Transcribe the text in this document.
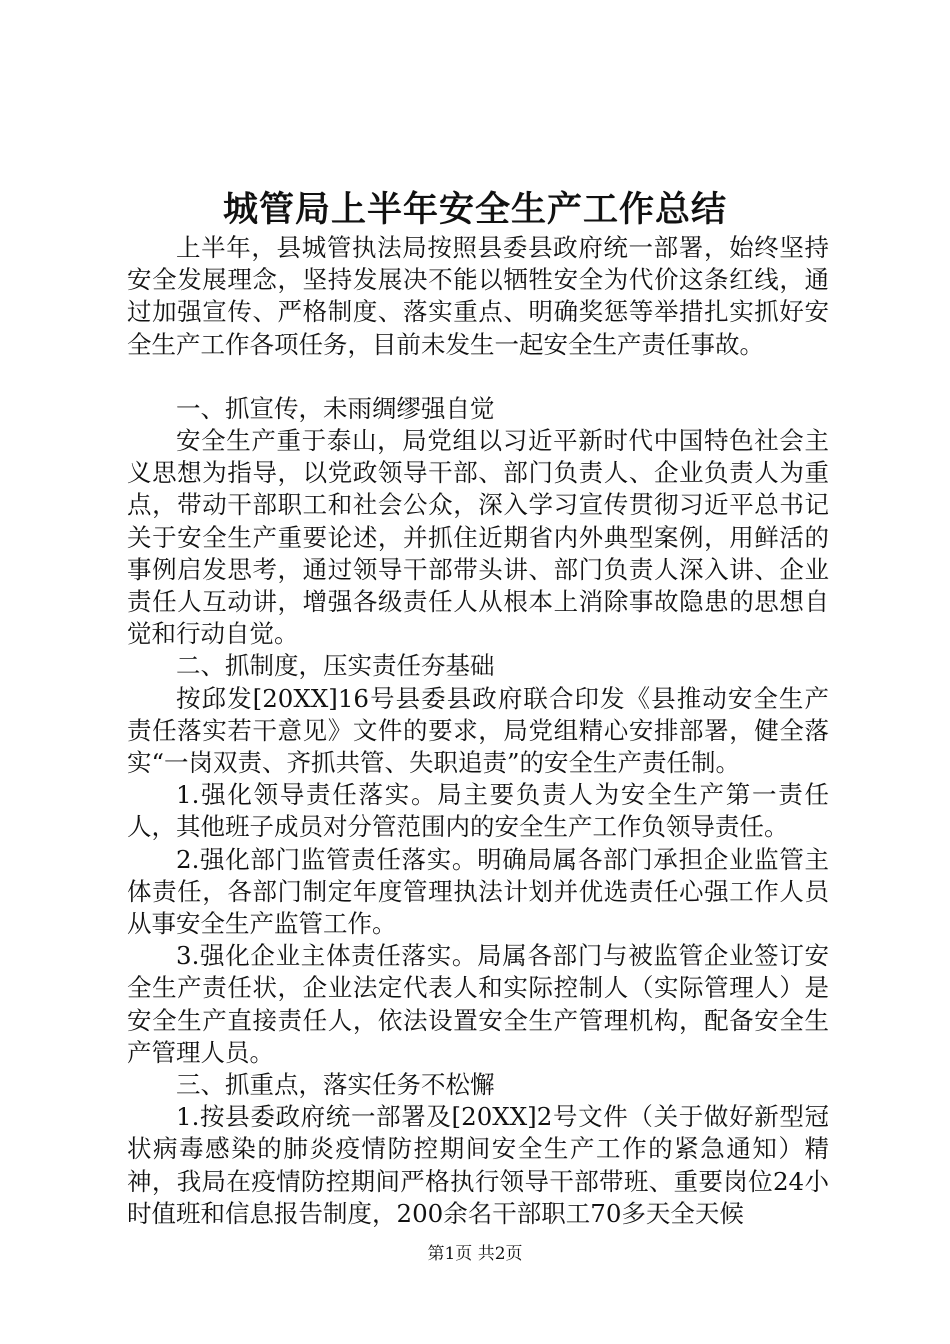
城管局上半年安全生产工作总结

上半年，县城管执法局按照县委县政府统一部署，始终坚持安全发展理念，坚持发展决不能以牺牲安全为代价这条红线，通过加强宣传、严格制度、落实重点、明确奖惩等举措扎实抓好安全生产工作各项任务，目前未发生一起安全生产责任事故。

一、抓宣传，未雨绸缪强自觉

安全生产重于泰山，局党组以习近平新时代中国特色社会主义思想为指导，以党政领导干部、部门负责人、企业负责人为重点，带动干部职工和社会公众，深入学习宣传贯彻习近平总书记关于安全生产重要论述，并抓住近期省内外典型案例，用鲜活的事例启发思考，通过领导干部带头讲、部门负责人深入讲、企业责任人互动讲，增强各级责任人从根本上消除事故隐患的思想自觉和行动自觉。

二、抓制度，压实责任夯基础

按邱发[20XX]16号县委县政府联合印发《县推动安全生产责任落实若干意见》文件的要求，局党组精心安排部署，健全落实“一岗双责、齐抓共管、失职追责”的安全生产责任制。

1.强化领导责任落实。局主要负责人为安全生产第一责任人，其他班子成员对分管范围内的安全生产工作负领导责任。

2.强化部门监管责任落实。明确局属各部门承担企业监管主体责任，各部门制定年度管理执法计划并优选责任心强工作人员从事安全生产监管工作。

3.强化企业主体责任落实。局属各部门与被监管企业签订安全生产责任状，企业法定代表人和实际控制人（实际管理人）是安全生产直接责任人，依法设置安全生产管理机构，配备安全生产管理人员。

三、抓重点，落实任务不松懈

1.按县委政府统一部署及[20XX]2号文件（关于做好新型冠状病毒感染的肺炎疫情防控期间安全生产工作的紧急通知）精神，我局在疫情防控期间严格执行领导干部带班、重要岗位24小时值班和信息报告制度，200余名干部职工70多天全天候

第1页 共2页
